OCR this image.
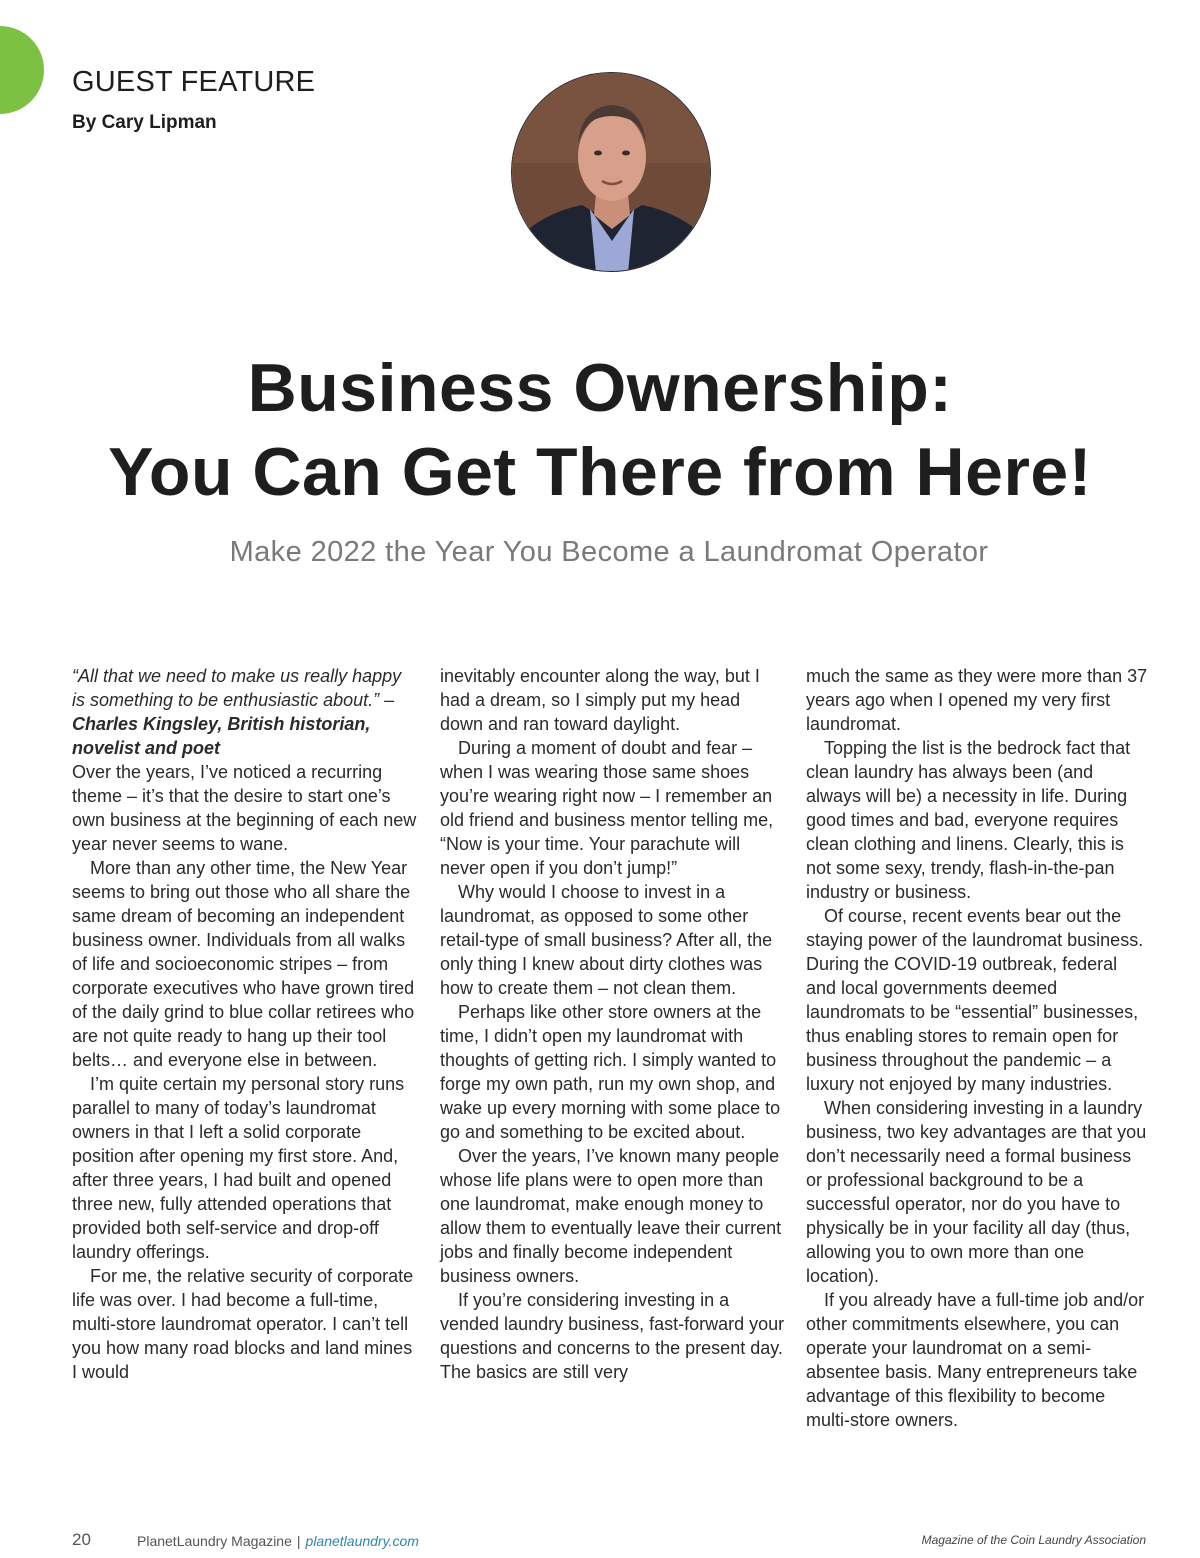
GUEST FEATURE
By Cary Lipman
Business Ownership:
You Can Get There from Here!
Make 2022 the Year You Become a Laundromat Operator

“All that we need to make us really happy is something to be enthusiastic about.” – Charles Kingsley, British historian, novelist and poet

Over the years, I’ve noticed a recurring theme – it’s that the desire to start one’s own business at the beginning of each new year never seems to wane.

More than any other time, the New Year seems to bring out those who all share the same dream of becoming an independent business owner. Individuals from all walks of life and socioeconomic stripes – from corporate executives who have grown tired of the daily grind to blue collar retirees who are not quite ready to hang up their tool belts… and everyone else in between.

I’m quite certain my personal story runs parallel to many of today’s laundromat owners in that I left a solid corporate position after opening my first store. And, after three years, I had built and opened three new, fully attended operations that provided both self-service and drop-off laundry offerings.

For me, the relative security of corporate life was over. I had become a full-time, multi-store laundromat operator. I can’t tell you how many road blocks and land mines I would

inevitably encounter along the way, but I had a dream, so I simply put my head down and ran toward daylight.

During a moment of doubt and fear – when I was wearing those same shoes you’re wearing right now – I remember an old friend and business mentor telling me, “Now is your time. Your parachute will never open if you don’t jump!”

Why would I choose to invest in a laundromat, as opposed to some other retail-type of small business? After all, the only thing I knew about dirty clothes was how to create them – not clean them.

Perhaps like other store owners at the time, I didn’t open my laundromat with thoughts of getting rich. I simply wanted to forge my own path, run my own shop, and wake up every morning with some place to go and something to be excited about.

Over the years, I’ve known many people whose life plans were to open more than one laundromat, make enough money to allow them to eventually leave their current jobs and finally become independent business owners.

If you’re considering investing in a vended laundry business, fast-forward your questions and concerns to the present day. The basics are still very

much the same as they were more than 37 years ago when I opened my very first laundromat.

Topping the list is the bedrock fact that clean laundry has always been (and always will be) a necessity in life. During good times and bad, everyone requires clean clothing and linens. Clearly, this is not some sexy, trendy, flash-in-the-pan industry or business.

Of course, recent events bear out the staying power of the laundromat business. During the COVID-19 outbreak, federal and local governments deemed laundromats to be “essential” businesses, thus enabling stores to remain open for business throughout the pandemic – a luxury not enjoyed by many industries.

When considering investing in a laundry business, two key advantages are that you don’t necessarily need a formal business or professional background to be a successful operator, nor do you have to physically be in your facility all day (thus, allowing you to own more than one location).

If you already have a full-time job and/or other commitments elsewhere, you can operate your laundromat on a semi-absentee basis. Many entrepreneurs take advantage of this flexibility to become multi-store owners.

20	PlanetLaundry Magazine | planetlaundry.com	Magazine of the Coin Laundry Association
